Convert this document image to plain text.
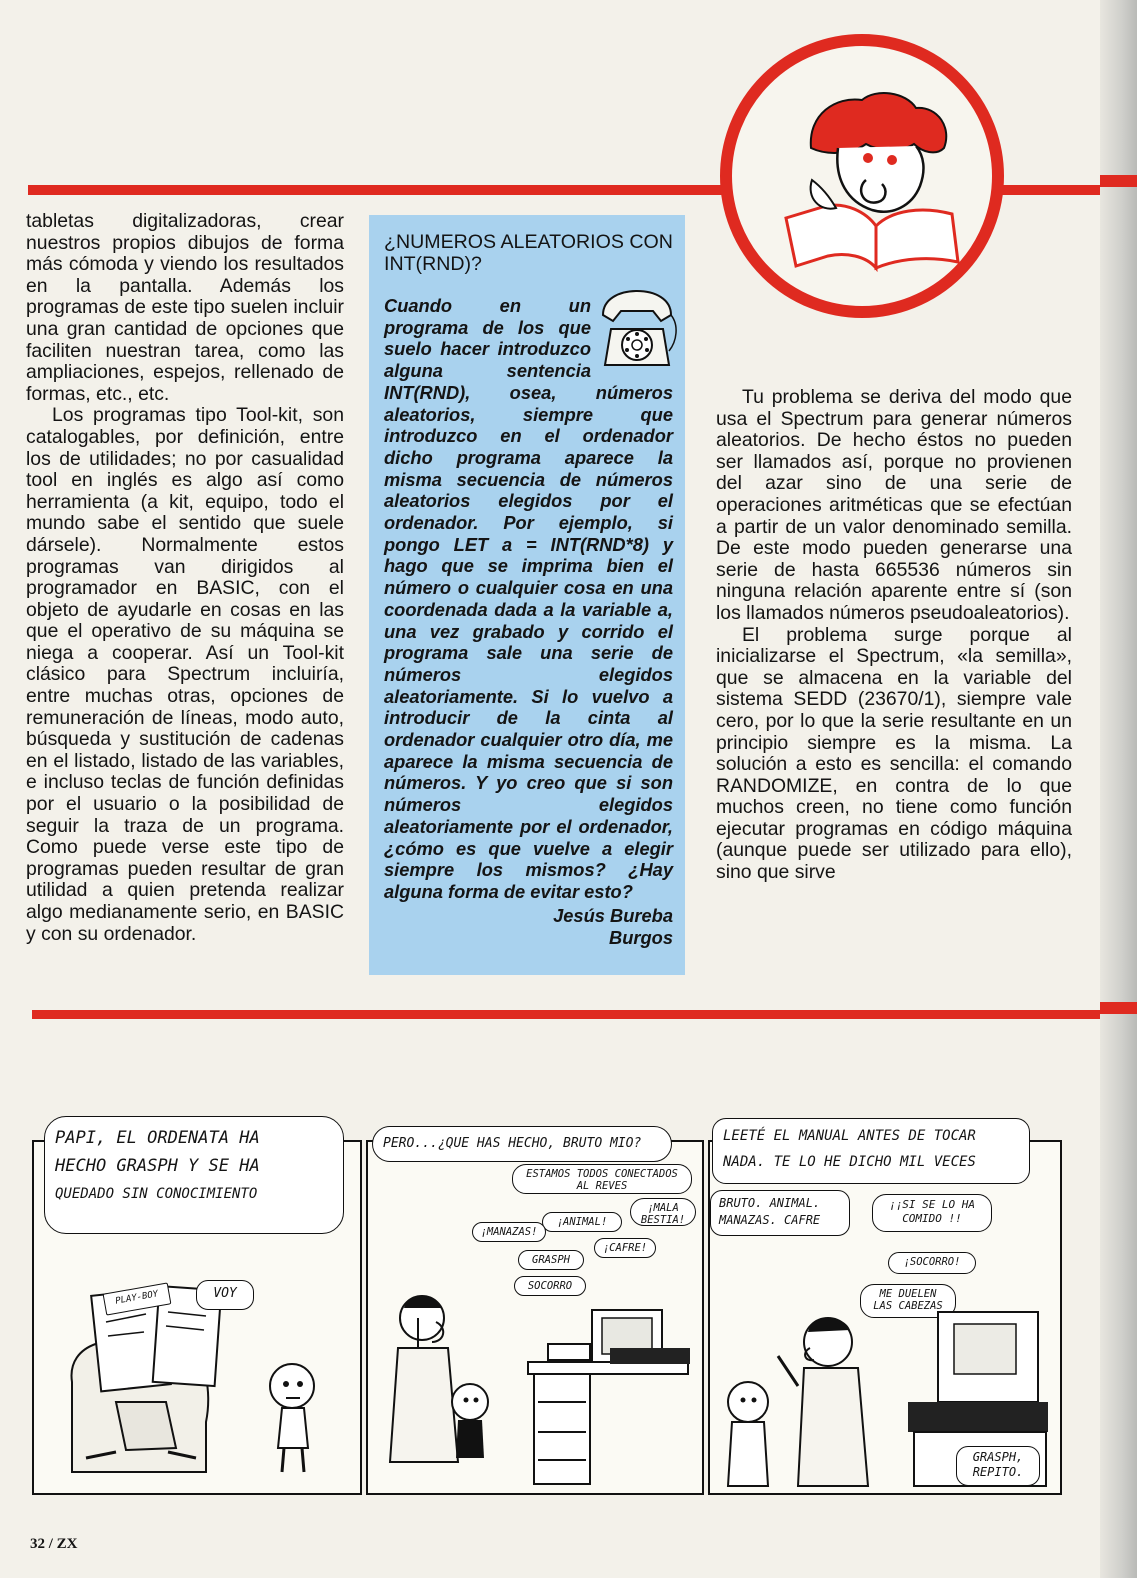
tabletas digitalizadoras, crear nuestros propios dibujos de forma más cómoda y viendo los resultados en la pantalla. Además los programas de este tipo suelen incluir una gran cantidad de opciones que faciliten nuestran tarea, como las ampliaciones, espejos, rellenado de formas, etc., etc.

Los programas tipo Tool-kit, son catalogables, por definición, entre los de utilidades; no por casualidad tool en inglés es algo así como herramienta (a kit, equipo, todo el mundo sabe el sentido que suele dársele). Normalmente estos programas van dirigidos al programador en BASIC, con el objeto de ayudarle en cosas en las que el operativo de su máquina se niega a cooperar. Así un Tool-kit clásico para Spectrum incluiría, entre muchas otras, opciones de remuneración de líneas, modo auto, búsqueda y sustitución de cadenas en el listado, listado de las variables, e incluso teclas de función definidas por el usuario o la posibilidad de seguir la traza de un programa. Como puede verse este tipo de programas pueden resultar de gran utilidad a quien pretenda realizar algo medianamente serio, en BASIC y con su ordenador.

¿NUMEROS ALEATORIOS CON INT(RND)?

Cuando en un programa de los que suelo hacer introduzco alguna sentencia INT(RND), osea, números aleatorios, siempre que introduzco en el ordenador dicho programa aparece la misma secuencia de números aleatorios elegidos por el ordenador. Por ejemplo, si pongo LET a = INT(RND*8) y hago que se imprima bien el número o cualquier cosa en una coordenada dada a la variable a, una vez grabado y corrido el programa sale una serie de números elegidos aleatoriamente. Si lo vuelvo a introducir de la cinta al ordenador cualquier otro día, me aparece la misma secuencia de números. Y yo creo que si son números elegidos aleatoriamente por el ordenador, ¿cómo es que vuelve a elegir siempre los mismos? ¿Hay alguna forma de evitar esto?

Jesús Bureba
Burgos

Tu problema se deriva del modo que usa el Spectrum para generar números aleatorios. De hecho éstos no pueden ser llamados así, porque no provienen del azar sino de una serie de operaciones aritméticas que se efectúan a partir de un valor denominado semilla. De este modo pueden generarse una serie de hasta 665536 números sin ninguna relación aparente entre sí (son los llamados números pseudoaleatorios).

El problema surge porque al inicializarse el Spectrum, «la semilla», que se almacena en la variable del sistema SEDD (23670/1), siempre vale cero, por lo que la serie resultante en un principio siempre es la misma. La solución a esto es sencilla: el comando RANDOMIZE, en contra de lo que muchos creen, no tiene como función ejecutar programas en código máquina (aunque puede ser utilizado para ello), sino que sirve

PAPI, EL ORDENATA HA
HECHO GRASPH Y SE HA
QUEDADO SIN CONOCIMIENTO
VOY
PLAY-BOY
PERO...¿QUE HAS HECHO, BRUTO MIO?
ESTAMOS TODOS CONECTADOS AL REVES
¡MALA BESTIA!
¡ANIMAL!
¡MANAZAS!
¡CAFRE!
GRASPH
SOCORRO
LEETÉ EL MANUAL ANTES DE TOCAR
NADA. TE LO HE DICHO MIL VECES
BRUTO. ANIMAL. MANAZAS. CAFRE
¡¡SI SE LO HA COMIDO !!
¡SOCORRO!
ME DUELEN LAS CABEZAS
GRASPH, REPITO.
32 / ZX
